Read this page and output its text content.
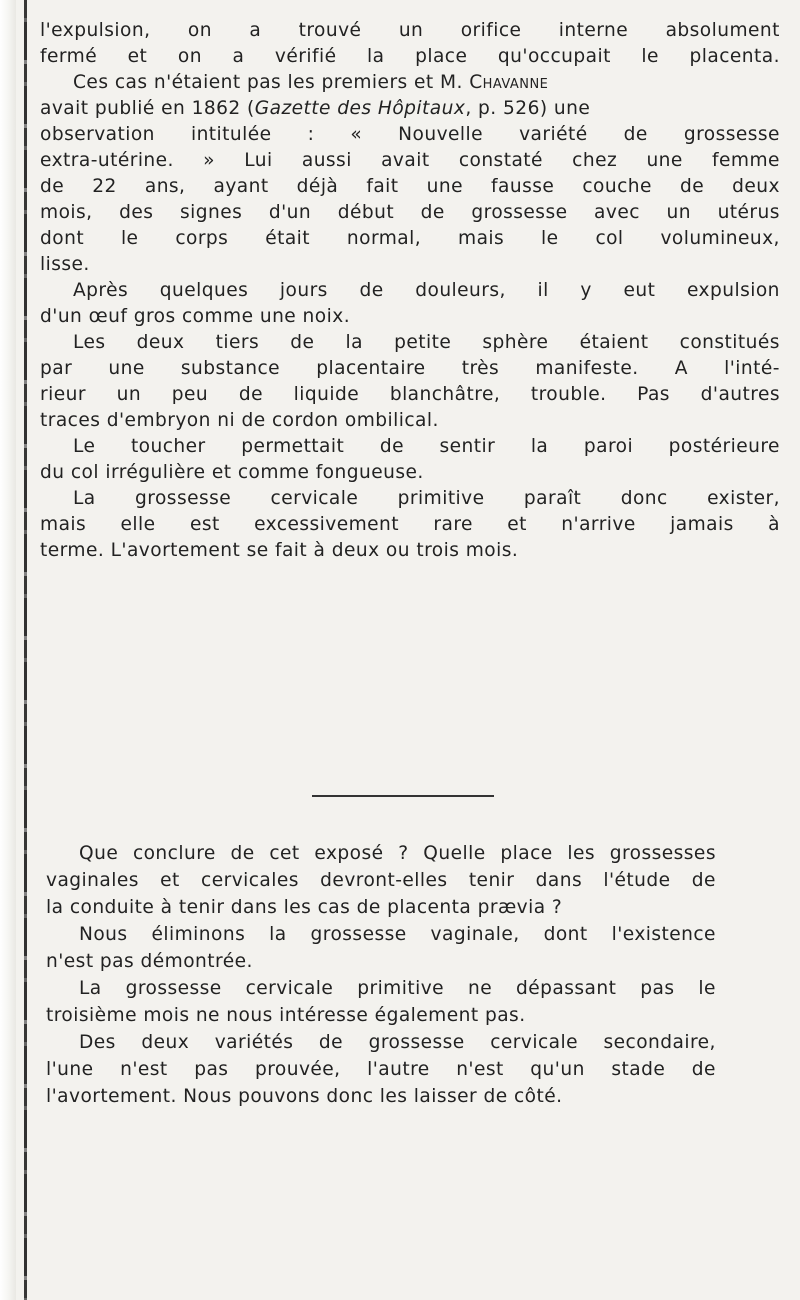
l'expulsion, on a trouvé un orifice interne absolument
fermé et on a vérifié la place qu'occupait le placenta.
Ces cas n'étaient pas les premiers et M. Chavanne
avait publié en 1862 (Gazette des Hôpitaux, p. 526) une
observation intitulée : « Nouvelle variété de grossesse
extra-utérine. » Lui aussi avait constaté chez une femme
de 22 ans, ayant déjà fait une fausse couche de deux
mois, des signes d'un début de grossesse avec un utérus
dont le corps était normal, mais le col volumineux,
lisse.
Après quelques jours de douleurs, il y eut expulsion
d'un œuf gros comme une noix.
Les deux tiers de la petite sphère étaient constitués
par une substance placentaire très manifeste. A l'inté-
rieur un peu de liquide blanchâtre, trouble. Pas d'autres
traces d'embryon ni de cordon ombilical.
Le toucher permettait de sentir la paroi postérieure
du col irrégulière et comme fongueuse.
La grossesse cervicale primitive paraît donc exister,
mais elle est excessivement rare et n'arrive jamais à
terme. L'avortement se fait à deux ou trois mois.
Que conclure de cet exposé ? Quelle place les grossesses
vaginales et cervicales devront-elles tenir dans l'étude de
la conduite à tenir dans les cas de placenta prævia ?
Nous éliminons la grossesse vaginale, dont l'existence
n'est pas démontrée.
La grossesse cervicale primitive ne dépassant pas le
troisième mois ne nous intéresse également pas.
Des deux variétés de grossesse cervicale secondaire,
l'une n'est pas prouvée, l'autre n'est qu'un stade de
l'avortement. Nous pouvons donc les laisser de côté.
